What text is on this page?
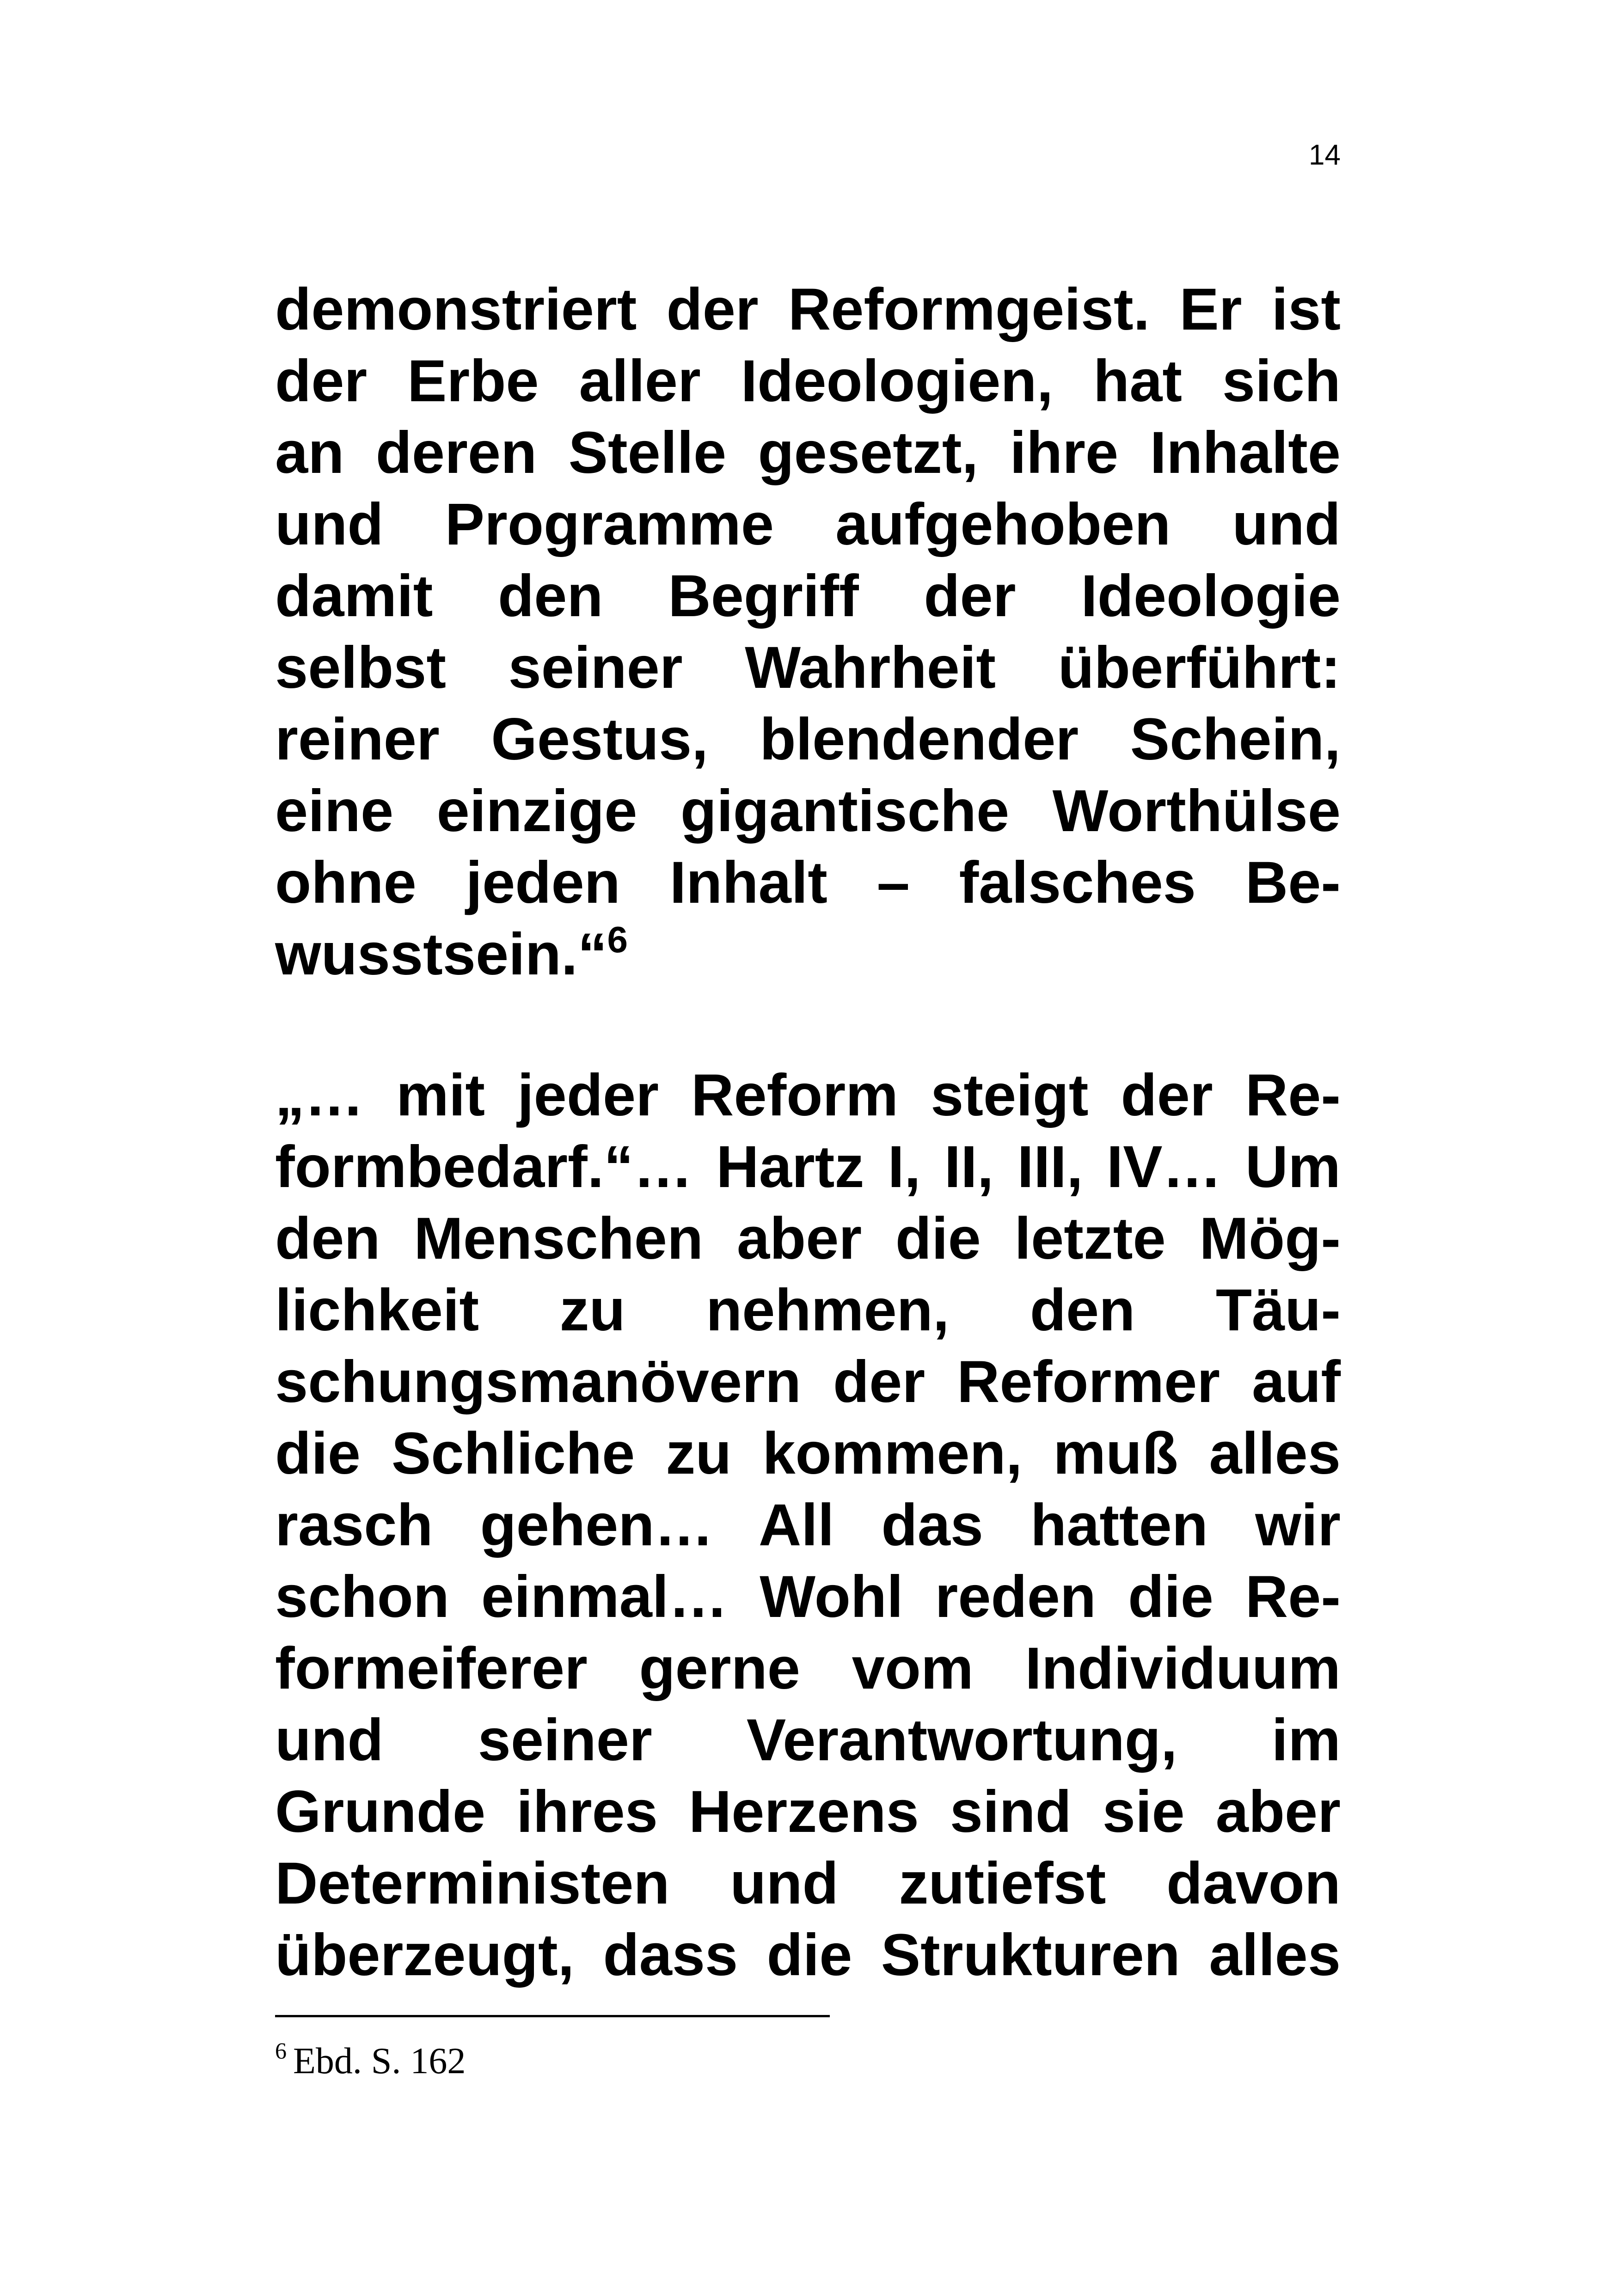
14
demonstriert der Reformgeist. Er ist
der Erbe aller Ideologien, hat sich
an deren Stelle gesetzt, ihre Inhalte
und Programme aufgehoben und
damit den Begriff der Ideologie
selbst seiner Wahrheit überführt:
reiner Gestus, blendender Schein,
eine einzige gigantische Worthülse
ohne jeden Inhalt – falsches Be-
wusstsein.“$^6$
„… mit jeder Reform steigt der Re-
formbedarf.“… Hartz I, II, III, IV… Um
den Menschen aber die letzte Mög-
lichkeit zu nehmen, den Täu-
schungsmanövern der Reformer auf
die Schliche zu kommen, muß alles
rasch gehen… All das hatten wir
schon einmal… Wohl reden die Re-
formeiferer gerne vom Individuum
und seiner Verantwortung, im
Grunde ihres Herzens sind sie aber
Deterministen und zutiefst davon
überzeugt, dass die Strukturen alles
$^6$ Ebd. S. 162
